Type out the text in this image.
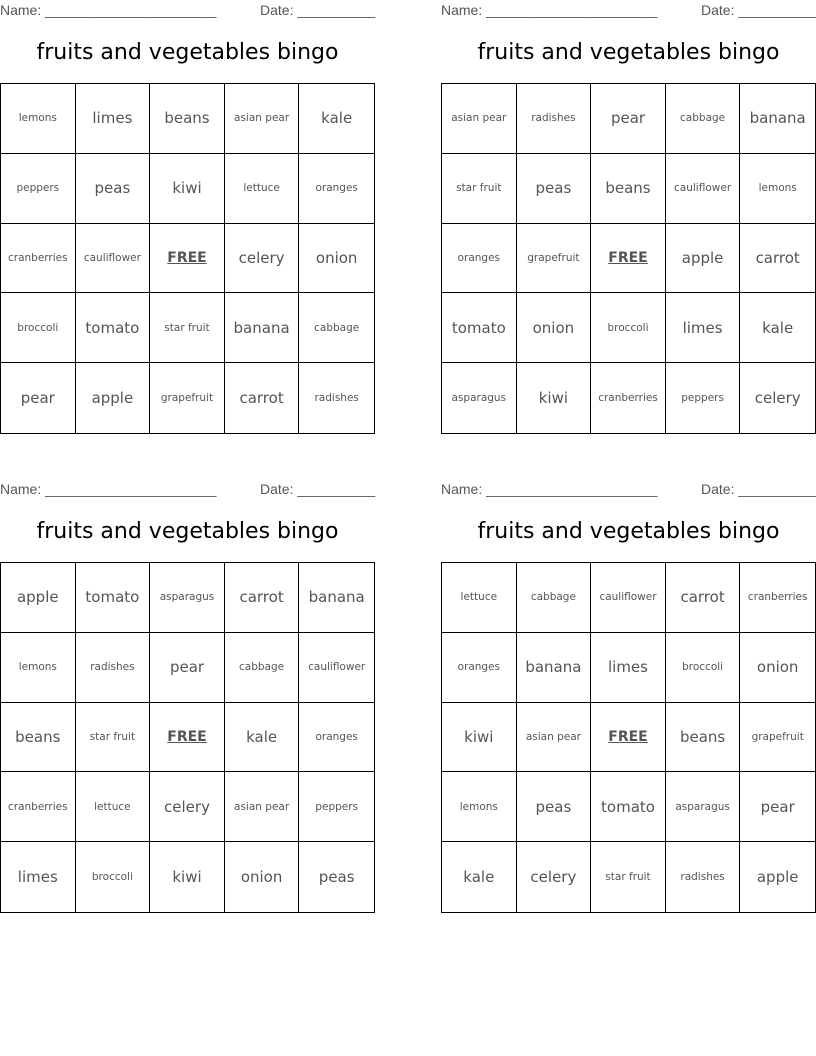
Name: ______________________	Date: __________
fruits and vegetables bingo
lemons	limes	beans	asian pear	kale
peppers	peas	kiwi	lettuce	oranges
cranberries	cauliflower	FREE	celery	onion
broccoli	tomato	star fruit	banana	cabbage
pear	apple	grapefruit	carrot	radishes
Name: ______________________	Date: __________
fruits and vegetables bingo
asian pear	radishes	pear	cabbage	banana
star fruit	peas	beans	cauliflower	lemons
oranges	grapefruit	FREE	apple	carrot
tomato	onion	broccoli	limes	kale
asparagus	kiwi	cranberries	peppers	celery
Name: ______________________	Date: __________
fruits and vegetables bingo
apple	tomato	asparagus	carrot	banana
lemons	radishes	pear	cabbage	cauliflower
beans	star fruit	FREE	kale	oranges
cranberries	lettuce	celery	asian pear	peppers
limes	broccoli	kiwi	onion	peas
Name: ______________________	Date: __________
fruits and vegetables bingo
lettuce	cabbage	cauliflower	carrot	cranberries
oranges	banana	limes	broccoli	onion
kiwi	asian pear	FREE	beans	grapefruit
lemons	peas	tomato	asparagus	pear
kale	celery	star fruit	radishes	apple
